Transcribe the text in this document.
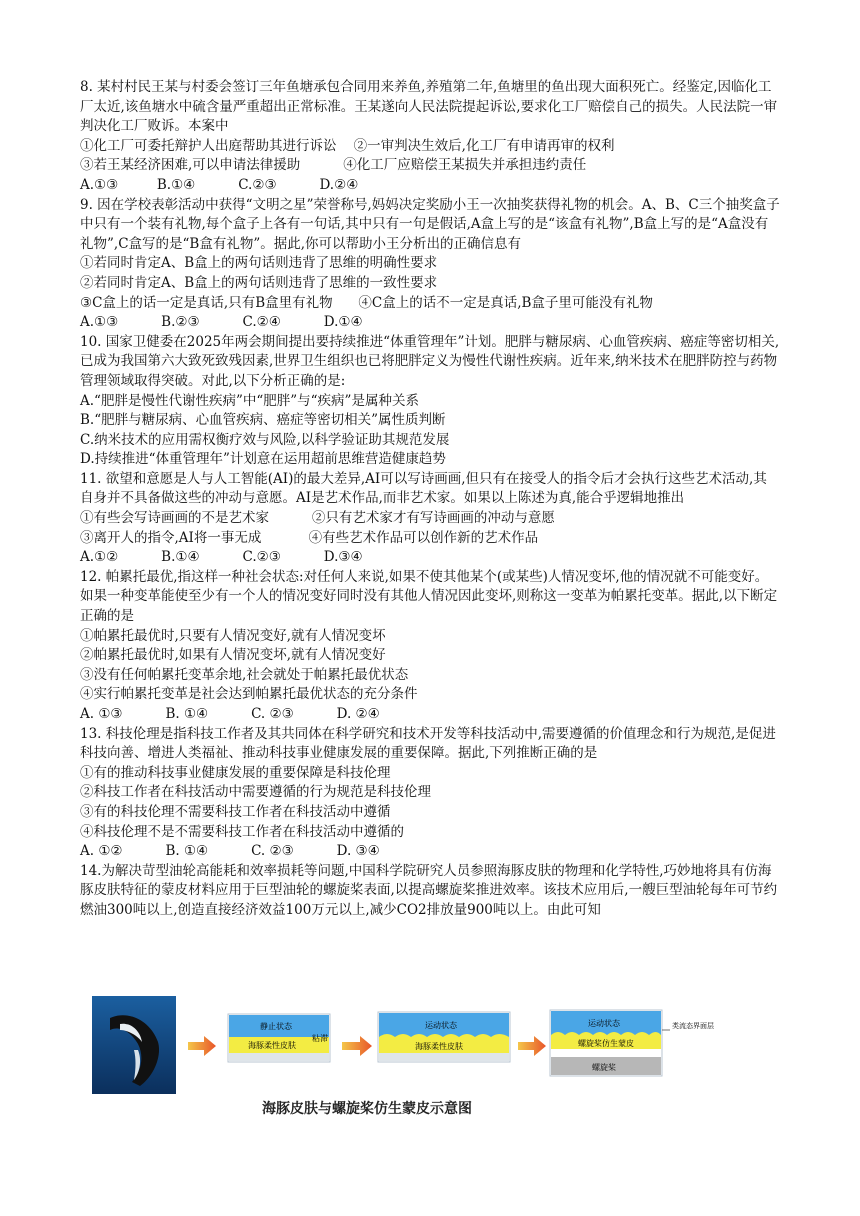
8. 某村村民王某与村委会签订三年鱼塘承包合同用来养鱼,养殖第二年,鱼塘里的鱼出现大面积死亡。经鉴定,因临化工厂太近,该鱼塘水中硫含量严重超出正常标准。王某遂向人民法院提起诉讼,要求化工厂赔偿自己的损失。人民法院一审判决化工厂败诉。本案中

①化工厂可委托辩护人出庭帮助其进行诉讼    ②一审判决生效后,化工厂有申请再审的权利

③若王某经济困难,可以申请法律援助          ④化工厂应赔偿王某损失并承担违约责任

A.①③         B.①④          C.②③          D.②④

9. 因在学校表彰活动中获得“文明之星”荣誉称号,妈妈决定奖励小王一次抽奖获得礼物的机会。A、B、C三个抽奖盒子中只有一个装有礼物,每个盒子上各有一句话,其中只有一句是假话,A盒上写的是“该盒有礼物”,B盒上写的是“A盒没有礼物”,C盒写的是“B盒有礼物”。据此,你可以帮助小王分析出的正确信息有

①若同时肯定A、B盒上的两句话则违背了思维的明确性要求

②若同时肯定A、B盒上的两句话则违背了思维的一致性要求

③C盒上的话一定是真话,只有B盒里有礼物      ④C盒上的话不一定是真话,B盒子里可能没有礼物

A.①③          B.②③          C.②④          D.①④

10. 国家卫健委在2025年两会期间提出要持续推进“体重管理年”计划。肥胖与糖尿病、心血管疾病、癌症等密切相关,已成为我国第六大致死致残因素,世界卫生组织也已将肥胖定义为慢性代谢性疾病。近年来,纳米技术在肥胖防控与药物管理领域取得突破。对此,以下分析正确的是:

A.“肥胖是慢性代谢性疾病”中“肥胖”与“疾病”是属种关系

B.“肥胖与糖尿病、心血管疾病、癌症等密切相关”属性质判断

C.纳米技术的应用需权衡疗效与风险,以科学验证助其规范发展

D.持续推进“体重管理年”计划意在运用超前思维营造健康趋势

11. 欲望和意愿是人与人工智能(AI)的最大差异,AI可以写诗画画,但只有在接受人的指令后才会执行这些艺术活动,其自身并不具备做这些的冲动与意愿。AI是艺术作品,而非艺术家。如果以上陈述为真,能合乎逻辑地推出

①有些会写诗画画的不是艺术家          ②只有艺术家才有写诗画画的冲动与意愿

③离开人的指令,AI将一事无成           ④有些艺术作品可以创作新的艺术作品

A.①②          B.①④          C.②③          D.③④

12. 帕累托最优,指这样一种社会状态:对任何人来说,如果不使其他某个(或某些)人情况变坏,他的情况就不可能变好。如果一种变革能使至少有一个人的情况变好同时没有其他人情况因此变坏,则称这一变革为帕累托变革。据此,以下断定正确的是

①帕累托最优时,只要有人情况变好,就有人情况变坏

②帕累托最优时,如果有人情况变坏,就有人情况变好

③没有任何帕累托变革余地,社会就处于帕累托最优状态

④实行帕累托变革是社会达到帕累托最优状态的充分条件

A. ①③          B. ①④          C. ②③          D. ②④

13. 科技伦理是指科技工作者及其共同体在科学研究和技术开发等科技活动中,需要遵循的价值理念和行为规范,是促进科技向善、增进人类福祉、推动科技事业健康发展的重要保障。据此,下列推断正确的是

①有的推动科技事业健康发展的重要保障是科技伦理

②科技工作者在科技活动中需要遵循的行为规范是科技伦理

③有的科技伦理不需要科技工作者在科技活动中遵循

④科技伦理不是不需要科技工作者在科技活动中遵循的

A. ①②          B. ①④          C. ②③          D. ③④

14.为解决苛型油轮高能耗和效率损耗等问题,中国科学院研究人员参照海豚皮肤的物理和化学特性,巧妙地将具有仿海豚皮肤特征的蒙皮材料应用于巨型油轮的螺旋桨表面,以提高螺旋桨推进效率。该技术应用后,一艘巨型油轮每年可节约燃油300吨以上,创造直接经济效益100万元以上,减少CO2排放量900吨以上。由此可知

静止状态
海豚柔性皮肤
粘滞
运动状态
海豚柔性皮肤
运动状态
螺旋桨仿生蒙皮
螺旋桨
类流态界面层
海豚皮肤与螺旋桨仿生蒙皮示意图
